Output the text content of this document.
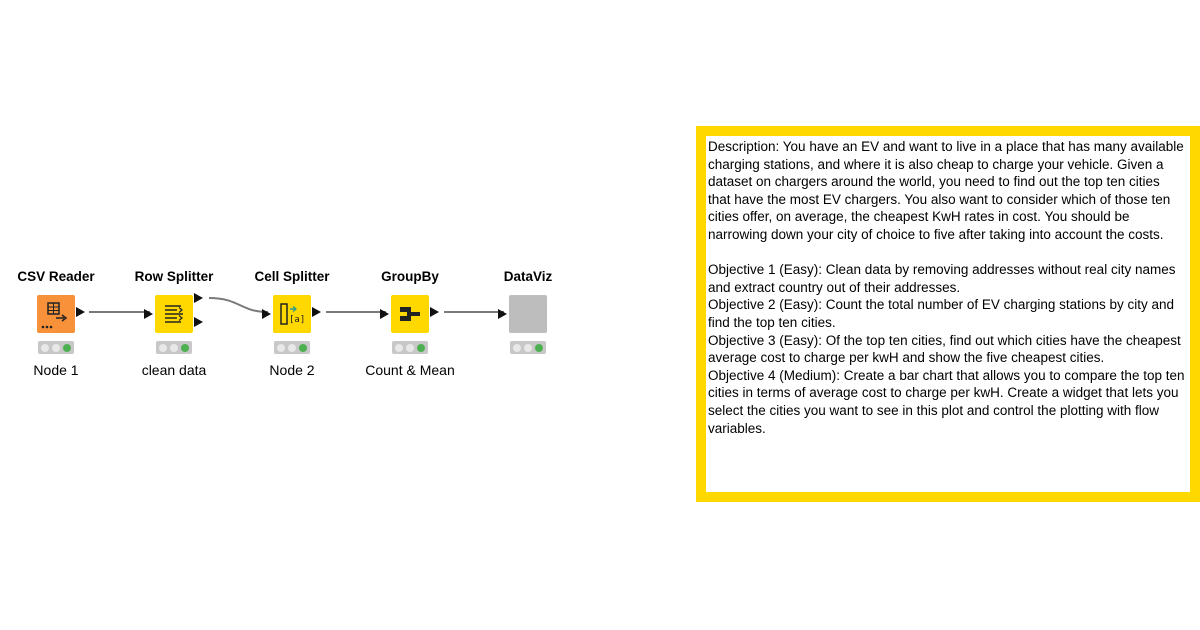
CSV Reader
Node 1
Row Splitter
clean data
Cell Splitter
[a]
Node 2
GroupBy
Count & Mean
DataViz

Description: You have an EV and want to live in a place that has many available charging stations, and where it is also cheap to charge your vehicle. Given a dataset on chargers around the world, you need to find out the top ten cities that have the most EV chargers. You also want to consider which of those ten cities offer, on average, the cheapest KwH rates in cost. You should be narrowing down your city of choice to five after taking into account the costs.

Objective 1 (Easy): Clean data by removing addresses without real city names and extract country out of their addresses.
Objective 2 (Easy): Count the total number of EV charging stations by city and find the top ten cities.
Objective 3 (Easy): Of the top ten cities, find out which cities have the cheapest average cost to charge per kwH and show the five cheapest cities.
Objective 4 (Medium): Create a bar chart that allows you to compare the top ten cities in terms of average cost to charge per kwH. Create a widget that lets you select the cities you want to see in this plot and control the plotting with flow variables.
